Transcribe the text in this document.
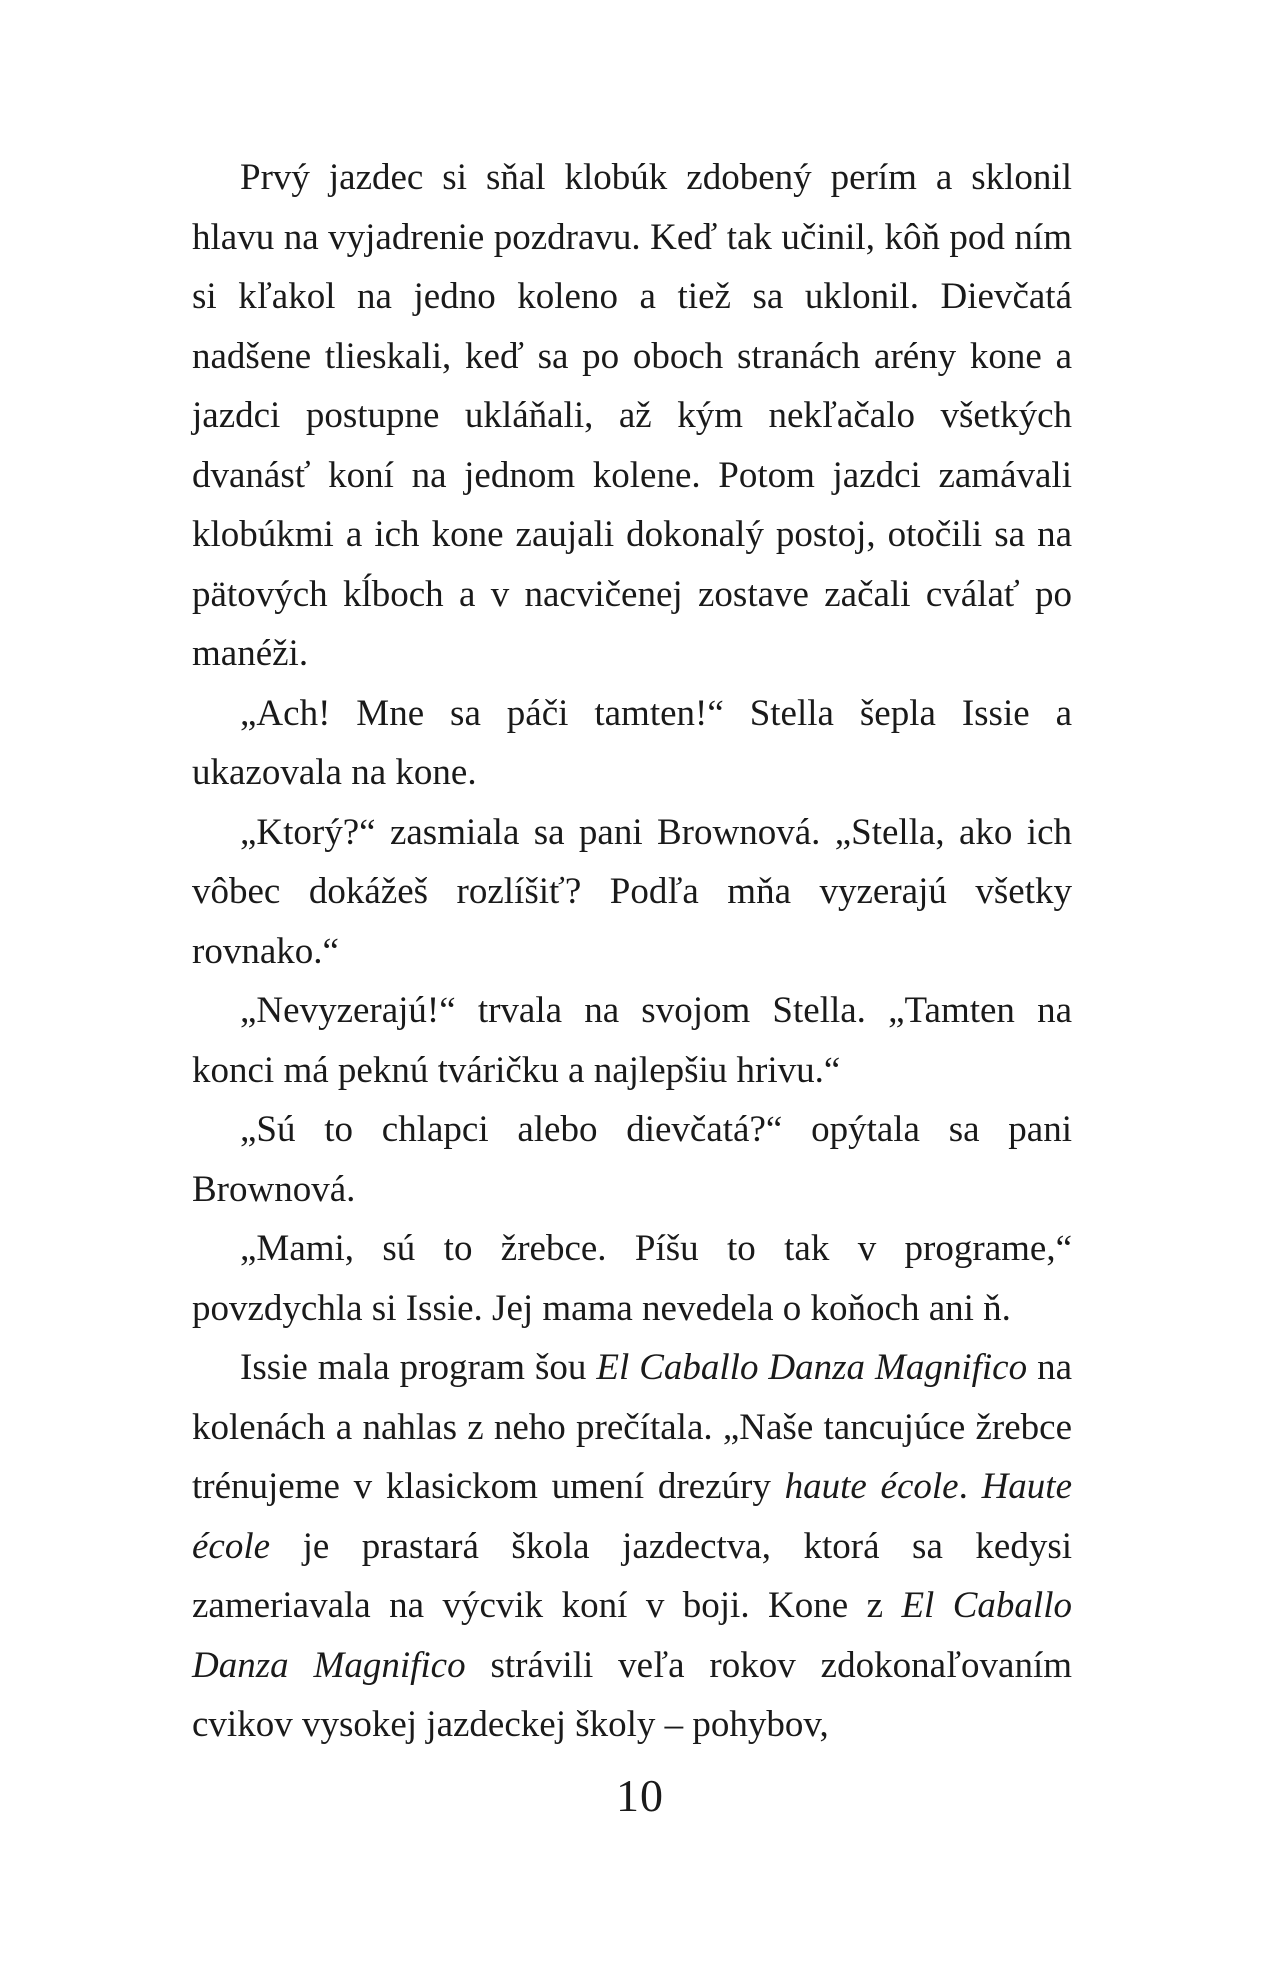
Prvý jazdec si sňal klobúk zdobený perím a sklonil hlavu na vyjadrenie pozdravu. Keď tak učinil, kôň pod ním si kľakol na jedno koleno a tiež sa uklonil. Dievčatá nadšene tlieskali, keď sa po oboch stranách arény kone a jazdci postupne ukláňali, až kým nekľačalo všetkých dvanásť koní na jednom kolene. Potom jazdci zamávali klobúkmi a ich kone zaujali dokonalý postoj, otočili sa na pätových kĺboch a v nacvičenej zostave začali cválať po manéži.

„Ach! Mne sa páči tamten!“ Stella šepla Issie a ukazovala na kone.

„Ktorý?“ zasmiala sa pani Brownová. „Stella, ako ich vôbec dokážeš rozlíšiť? Podľa mňa vyzerajú všetky rovnako.“

„Nevyzerajú!“ trvala na svojom Stella. „Tamten na konci má peknú tváričku a najlepšiu hrivu.“

„Sú to chlapci alebo dievčatá?“ opýtala sa pani Brownová.

„Mami, sú to žrebce. Píšu to tak v programe,“ povzdychla si Issie. Jej mama nevedela o koňoch ani ň.

Issie mala program šou El Caballo Danza Magnifico na kolenách a nahlas z neho prečítala. „Naše tancujúce žrebce trénujeme v klasickom umení drezúry haute école. Haute école je prastará škola jazdectva, ktorá sa kedysi zameriavala na výcvik koní v boji. Kone z El Caballo Danza Magnifico strávili veľa rokov zdokonaľovaním cvikov vysokej jazdeckej školy – pohybov,

10
